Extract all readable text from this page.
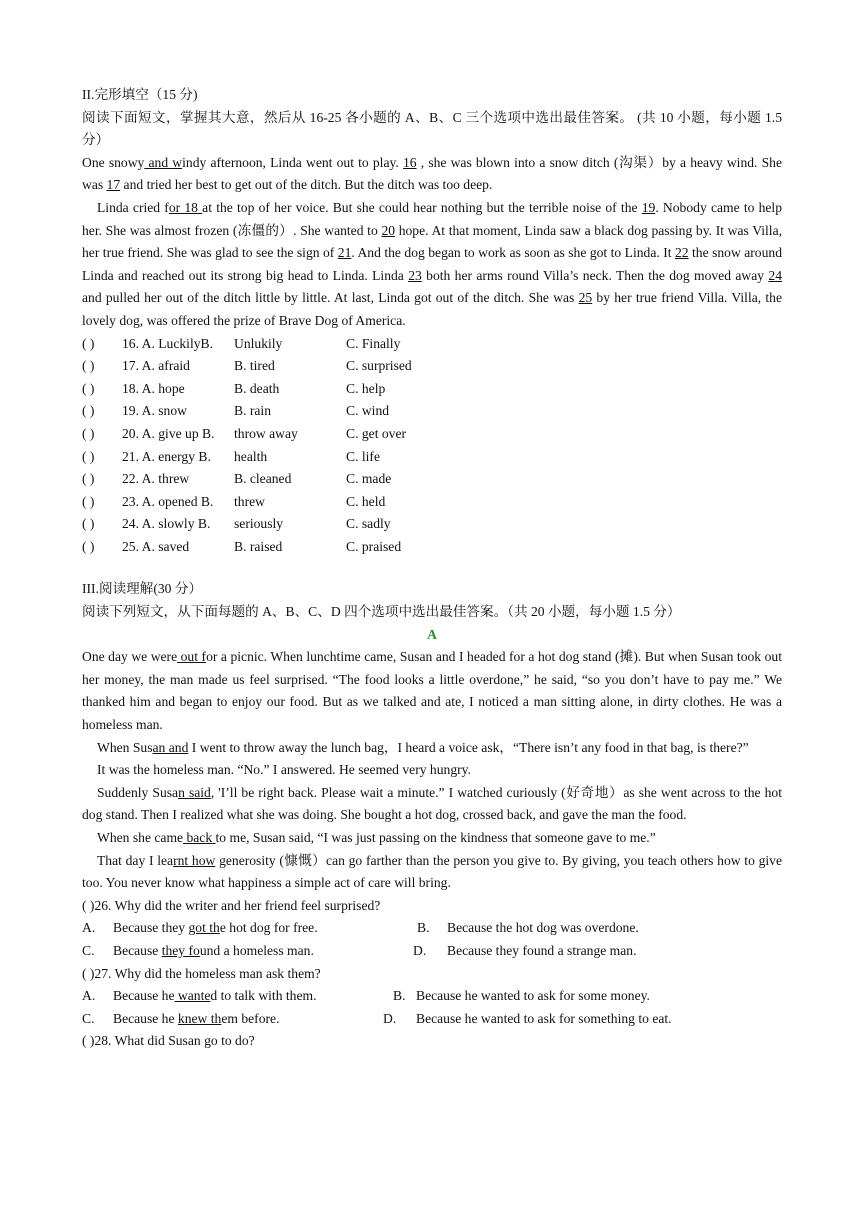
II.完形填空（15 分)

阅读下面短文，掌握其大意，然后从 16-25 各小题的 A、B、C 三个选项中选出最佳答案。 (共 10 小题，每小题 1.5 分）

One snowy and windy afternoon, Linda went out to play. 16 , she was blown into a snow ditch (沟渠）by a heavy wind. She was 17 and tried her best to get out of the ditch. But the ditch was too deep.

Linda cried for 18 at the top of her voice. But she could hear nothing but the terrible noise of the 19. Nobody came to help her. She was almost frozen (冻僵的）. She wanted to 20 hope. At that moment, Linda saw a black dog passing by. It was Villa, her true friend. She was glad to see the sign of 21. And the dog began to work as soon as she got to Linda. It 22 the snow around Linda and reached out its strong big head to Linda. Linda 23 both her arms round Villa’s neck. Then the dog moved away 24 and pulled her out of the ditch little by little. At last, Linda got out of the ditch. She was 25 by her true friend Villa. Villa, the lovely dog, was offered the prize of Brave Dog of America.

( )	16. A. LuckilyB.	Unlukily	C. Finally
( )	17. A. afraid	B. tired	C. surprised
( )	18. A. hope	B. death	C. help
( )	19. A. snow	B. rain	C. wind
( )	20. A. give up B.	throw away	C. get over
( )	21. A. energy B.	health	C. life
( )	22. A. threw	B. cleaned	C. made
( )	23. A. opened B.	threw	C. held
( )	24. A. slowly B.	seriously	C. sadly
( )	25. A. saved	B. raised	C. praised

III.阅读理解(30 分）

阅读下列短文，从下面每题的 A、B、C、D 四个选项中选出最佳答案。（共 20 小题，每小题 1.5 分）

A

One day we were out for a picnic. When lunchtime came, Susan and I headed for a hot dog stand (摊). But when Susan took out her money, the man made us feel surprised. “The food looks a little overdone,” he said, “so you don’t have to pay me.” We thanked him and began to enjoy our food. But as we talked and ate, I noticed a man sitting alone, in dirty clothes. He was a homeless man.

When Susan and I went to throw away the lunch bag，I heard a voice ask，“There isn’t any food in that bag, is there?”

It was the homeless man. “No.” I answered. He seemed very hungry.

Suddenly Susan said, 'I’ll be right back. Please wait a minute.” I watched curiously (好奇地）as she went across to the hot dog stand. Then I realized what she was doing. She bought a hot dog, crossed back, and gave the man the food.

When she came back to me, Susan said, “I was just passing on the kindness that someone gave to me.”

That day I learnt how generosity (慷慨）can go farther than the person you give to. By giving, you teach others how to give too. You never know what happiness a simple act of care will bring.

( )26. Why did the writer and her friend feel surprised?

A.	Because they got the hot dog for free.	B.	Because the hot dog was overdone.
C.	Because they found a homeless man.	D.	Because they found a strange man.

( )27. Why did the homeless man ask them?

A.	Because he wanted to talk with them.	B. Because he wanted to ask for some money.
C.	Because he knew them before.	D.	Because he wanted to ask for something to eat.

( )28. What did Susan go to do?
